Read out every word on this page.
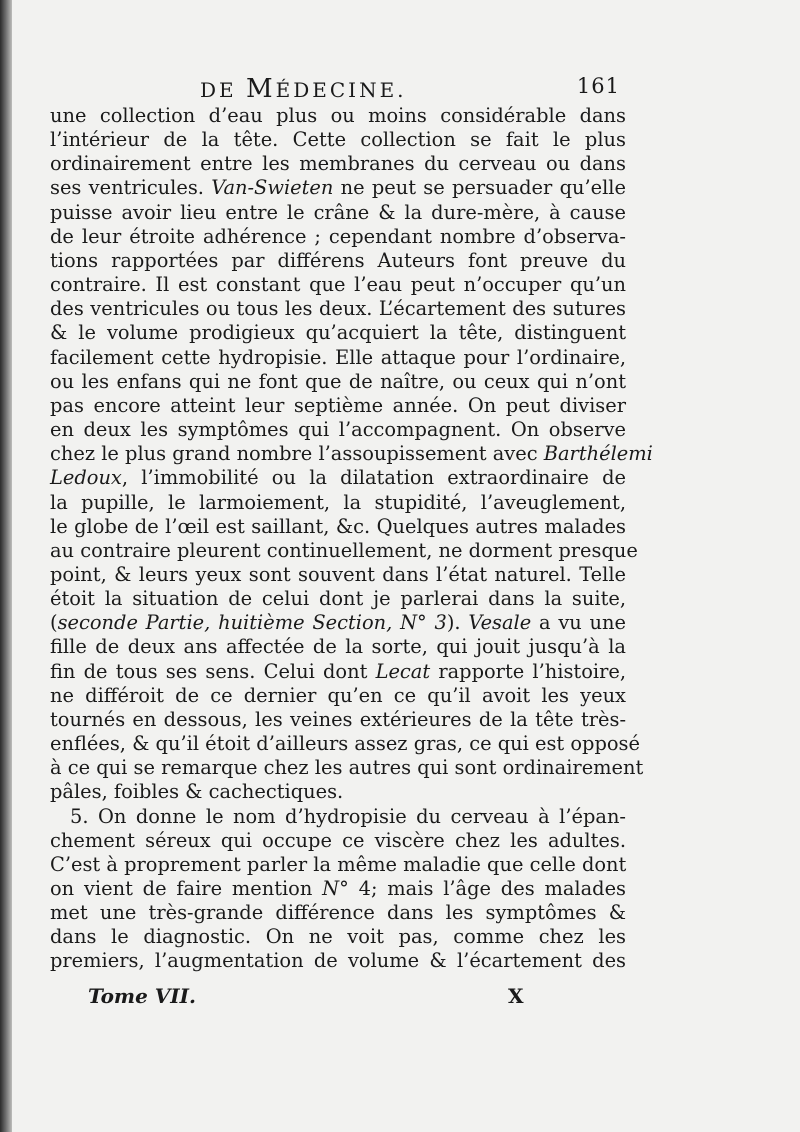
DE MÉDECINE.	161
une collection d’eau plus ou moins considérable dans
l’intérieur de la tête. Cette collection se fait le plus
ordinairement entre les membranes du cerveau ou dans
ses ventricules. Van-Swieten ne peut se persuader qu’elle
puisse avoir lieu entre le crâne & la dure-mère, à cause
de leur étroite adhérence ; cependant nombre d’observa-
tions rapportées par différens Auteurs font preuve du
contraire. Il est constant que l’eau peut n’occuper qu’un
des ventricules ou tous les deux. L’écartement des sutures
& le volume prodigieux qu’acquiert la tête, distinguent
facilement cette hydropisie. Elle attaque pour l’ordinaire,
ou les enfans qui ne font que de naître, ou ceux qui n’ont
pas encore atteint leur septième année. On peut diviser
en deux les symptômes qui l’accompagnent. On observe
chez le plus grand nombre l’assoupissement avec Barthélemi
Ledoux, l’immobilité ou la dilatation extraordinaire de
la pupille, le larmoiement, la stupidité, l’aveuglement,
le globe de l’œil est saillant, &c. Quelques autres malades
au contraire pleurent continuellement, ne dorment presque
point, & leurs yeux sont souvent dans l’état naturel. Telle
étoit la situation de celui dont je parlerai dans la suite,
(seconde Partie, huitième Section, N° 3). Vesale a vu une
fille de deux ans affectée de la sorte, qui jouit jusqu’à la
fin de tous ses sens. Celui dont Lecat rapporte l’histoire,
ne différoit de ce dernier qu’en ce qu’il avoit les yeux
tournés en dessous, les veines extérieures de la tête très-
enflées, & qu’il étoit d’ailleurs assez gras, ce qui est opposé
à ce qui se remarque chez les autres qui sont ordinairement
pâles, foibles & cachectiques.
5. On donne le nom d’hydropisie du cerveau à l’épan-
chement séreux qui occupe ce viscère chez les adultes.
C’est à proprement parler la même maladie que celle dont
on vient de faire mention N° 4; mais l’âge des malades
met une très-grande différence dans les symptômes &
dans le diagnostic. On ne voit pas, comme chez les
premiers, l’augmentation de volume & l’écartement des
Tome VII.	X
